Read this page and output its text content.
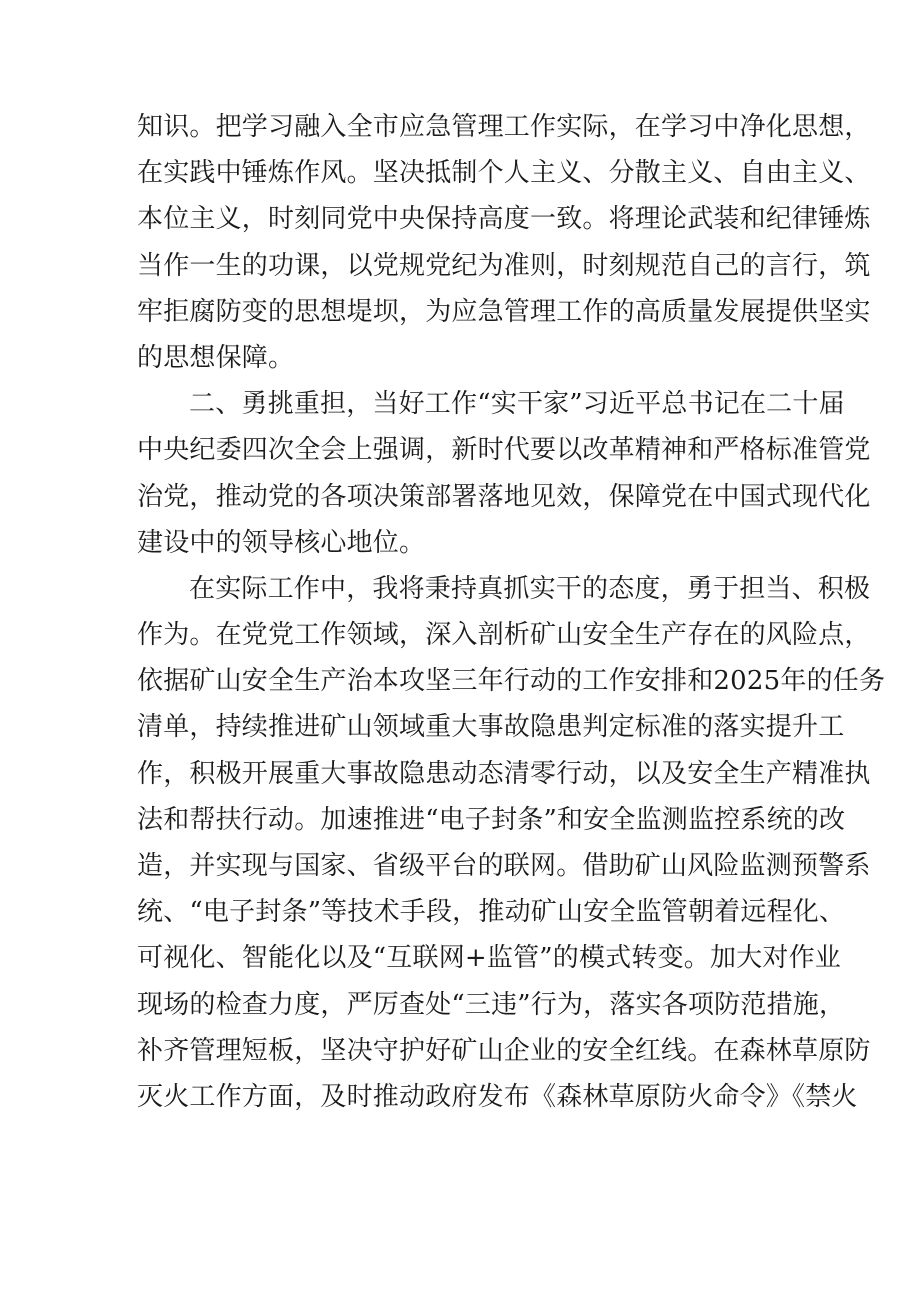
知识。把学习融入全市应急管理工作实际，在学习中净化思想，
在实践中锤炼作风。坚决抵制个人主义、分散主义、自由主义、
本位主义，时刻同党中央保持高度一致。将理论武装和纪律锤炼
当作一生的功课，以党规党纪为准则，时刻规范自己的言行，筑
牢拒腐防变的思想堤坝，为应急管理工作的高质量发展提供坚实
的思想保障。
二、勇挑重担，当好工作“实干家”习近平总书记在二十届
中央纪委四次全会上强调，新时代要以改革精神和严格标准管党
治党，推动党的各项决策部署落地见效，保障党在中国式现代化
建设中的领导核心地位。
在实际工作中，我将秉持真抓实干的态度，勇于担当、积极
作为。在党党工作领域，深入剖析矿山安全生产存在的风险点，
依据矿山安全生产治本攻坚三年行动的工作安排和2025年的任务
清单，持续推进矿山领域重大事故隐患判定标准的落实提升工
作，积极开展重大事故隐患动态清零行动，以及安全生产精准执
法和帮扶行动。加速推进“电子封条”和安全监测监控系统的改
造，并实现与国家、省级平台的联网。借助矿山风险监测预警系
统、“电子封条”等技术手段，推动矿山安全监管朝着远程化、
可视化、智能化以及“互联网+监管”的模式转变。加大对作业
现场的检查力度，严厉查处“三违”行为，落实各项防范措施，
补齐管理短板，坚决守护好矿山企业的安全红线。在森林草原防
灭火工作方面，及时推动政府发布《森林草原防火命令》《禁火
